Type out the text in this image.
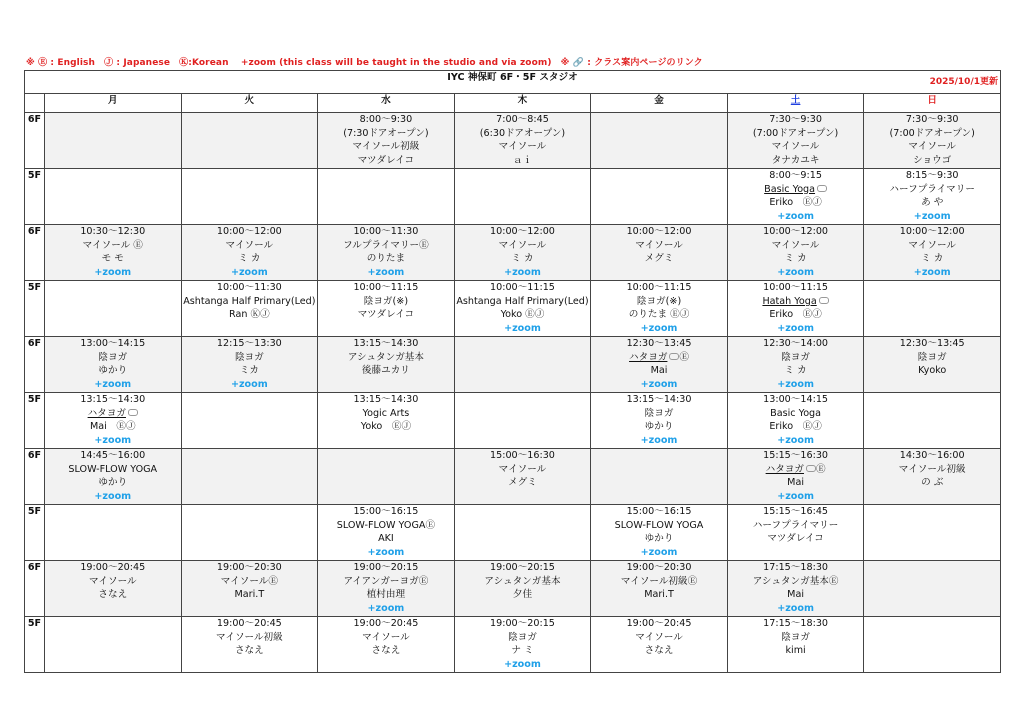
※ Ⓔ : English　Ⓙ : Japanese　Ⓚ:Korean　 +zoom (this class will be taught in the studio and via zoom)　※ 🔗 : クラス案内ページのリンク
IYC 神保町 6F・5F スタジオ 2025/10/1更新							

	月	火	水	木	金	土	日
6F			8:00～9:30
(7:30ドアオープン)
マイソール初級
マツダレイコ	7:00～8:45
(6:30ドアオープン)
マイソール
ａｉ		7:30～9:30
(7:00ドアオープン)
マイソール
タナカユキ	7:30～9:30
(7:00ドアオープン)
マイソール
ショウゴ

5F						8:00～9:15
Basic Yoga
Eriko　ⒺⒿ
+zoom	8:15～9:30
ハーフプライマリー
あ や
+zoom

6F	10:30～12:30
マイソール Ⓔ
モ モ
+zoom	10:00～12:00
マイソール
ミ カ
+zoom	10:00～11:30
フルプライマリーⒺ
のりたま
+zoom	10:00～12:00
マイソール
ミ カ
+zoom	10:00～12:00
マイソール
メグミ	10:00～12:00
マイソール
ミ カ
+zoom	10:00～12:00
マイソール
ミ カ
+zoom

5F		10:00～11:30
Ashtanga Half Primary(Led)
Ran ⓀⒿ	10:00～11:15
陰ヨガ(※)
マツダレイコ	10:00～11:15
Ashtanga Half Primary(Led)
Yoko ⒺⒿ
+zoom	10:00～11:15
陰ヨガ(※)
のりたま ⒺⒿ
+zoom	10:00～11:15
Hatah Yoga
Eriko　ⒺⒿ
+zoom	

6F	13:00～14:15
陰ヨガ
ゆかり
+zoom	12:15～13:30
陰ヨガ
ミカ
+zoom	13:15～14:30
アシュタンガ基本
後藤ユカリ		12:30～13:45
ハタヨガ Ⓔ
Mai
+zoom	12:30～14:00
陰ヨガ
ミ カ
+zoom	12:30～13:45
陰ヨガ
Kyoko

5F	13:15～14:30
ハタヨガ
Mai　ⒺⒿ
+zoom		13:15～14:30
Yogic Arts
Yoko　ⒺⒿ		13:15～14:30
陰ヨガ
ゆかり
+zoom	13:00～14:15
Basic Yoga
Eriko　ⒺⒿ
+zoom	

6F	14:45～16:00
SLOW-FLOW YOGA
ゆかり
+zoom			15:00～16:30
マイソール
メグミ		15:15～16:30
ハタヨガ Ⓔ
Mai
+zoom	14:30～16:00
マイソール初級
の ぶ

5F			15:00～16:15
SLOW-FLOW YOGAⒺ
AKI
+zoom		15:00～16:15
SLOW-FLOW YOGA
ゆかり
+zoom	15:15～16:45
ハーフプライマリー
マツダレイコ	

6F	19:00～20:45
マイソール
さなえ	19:00～20:30
マイソールⒺ
Mari.T	19:00～20:15
アイアンガーヨガⒺ
植村由理
+zoom	19:00～20:15
アシュタンガ基本
夕佳	19:00～20:30
マイソール初級Ⓔ
Mari.T	17:15～18:30
アシュタンガ基本Ⓔ
Mai
+zoom	

5F		19:00～20:45
マイソール初級
さなえ	19:00～20:45
マイソール
さなえ	19:00～20:15
陰ヨガ
ナ ミ
+zoom	19:00～20:45
マイソール
さなえ	17:15～18:30
陰ヨガ
kimi	
